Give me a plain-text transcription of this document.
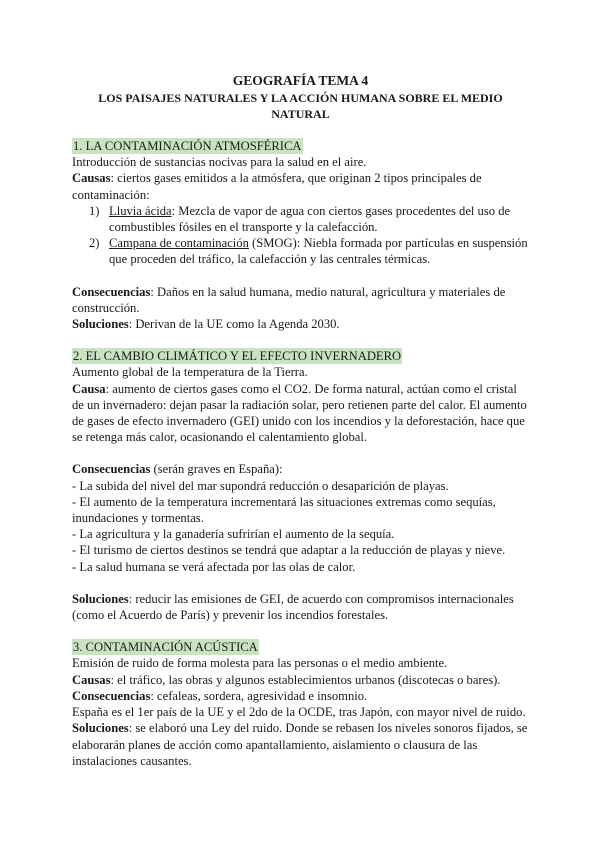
GEOGRAFÍA TEMA 4
LOS PAISAJES NATURALES Y LA ACCIÓN HUMANA SOBRE EL MEDIO NATURAL
1. LA CONTAMINACIÓN ATMOSFÉRICA

Introducción de sustancias nocivas para la salud en el aire.

Causas: ciertos gases emitidos a la atmósfera, que originan 2 tipos principales de contaminación:

1) Lluvia ácida: Mezcla de vapor de agua con ciertos gases procedentes del uso de combustibles fósiles en el transporte y la calefacción.
2) Campana de contaminación (SMOG): Niebla formada por partículas en suspensión que proceden del tráfico, la calefacción y las centrales térmicas.

Consecuencias: Daños en la salud humana, medio natural, agricultura y materiales de construcción.

Soluciones: Derivan de la UE como la Agenda 2030.

2. EL CAMBIO CLIMÁTICO Y EL EFECTO INVERNADERO

Aumento global de la temperatura de la Tierra.

Causa: aumento de ciertos gases como el CO2. De forma natural, actúan como el cristal de un invernadero: dejan pasar la radiación solar, pero retienen parte del calor. El aumento de gases de efecto invernadero (GEI) unido con los incendios y la deforestación, hace que se retenga más calor, ocasionando el calentamiento global.

Consecuencias (serán graves en España):

- La subida del nivel del mar supondrá reducción o desaparición de playas.

- El aumento de la temperatura incrementará las situaciones extremas como sequías, inundaciones y tormentas.

- La agricultura y la ganadería sufrirían el aumento de la sequía.

- El turismo de ciertos destinos se tendrá que adaptar a la reducción de playas y nieve.

- La salud humana se verá afectada por las olas de calor.

Soluciones: reducir las emisiones de GEI, de acuerdo con compromisos internacionales (como el Acuerdo de París) y prevenir los incendios forestales.

3. CONTAMINACIÓN ACÚSTICA

Emisión de ruido de forma molesta para las personas o el medio ambiente.

Causas: el tráfico, las obras y algunos establecimientos urbanos (discotecas o bares).

Consecuencias: cefaleas, sordera, agresividad e insomnio.

España es el 1er país de la UE y el 2do de la OCDE, tras Japón, con mayor nivel de ruido.

Soluciones: se elaboró una Ley del ruido. Donde se rebasen los niveles sonoros fijados, se elaborarán planes de acción como apantallamiento, aislamiento o clausura de las instalaciones causantes.
